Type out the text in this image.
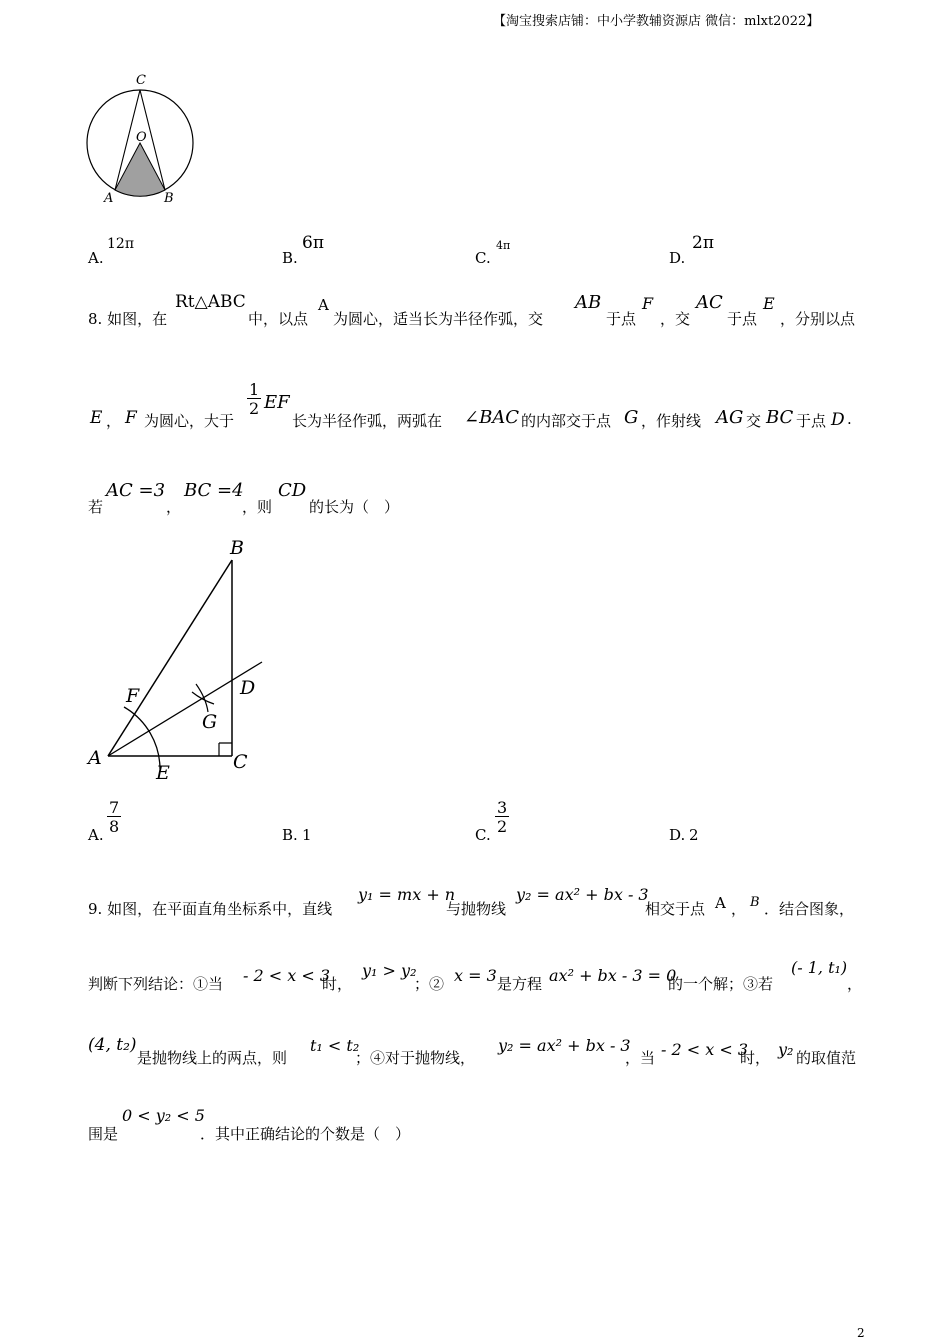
【淘宝搜索店铺：中小学教辅资源店 微信：mlxt2022】
C
O
A	B
A.
12π
B.
6π
C.
4π
D.
2π
8. 如图，在
Rt△ABC
中，以点
A
为圆心，适当长为半径作弧，交
AB
于点
F
，交
AC
于点
E
，分别以点
E ， F 为圆心，大于
$\frac{1}{2}$ EF
长为半径作弧，两弧在 ∠BAC 的内部交于点 G ，作射线 AG 交 BC 于点 D .
若
AC =3
，
BC =4
，则
CD
的长为（　）
B
F	D
G
A	C
E
A. $\frac{7}{8}$	B. 1	C. $\frac{3}{2}$	D. 2
9. 如图，在平面直角坐标系中，直线
y₁ = mx + n
与抛物线
y₂ = ax² + bx - 3
相交于点 A ， B ．结合图象，
判断下列结论：①当 - 2 < x < 3
时，
y₁ > y₂
；② x = 3 是方程 ax² + bx - 3 = 0
的一个解；③若
(- 1, t₁)
，
(4, t₂)
是抛物线上的两点，则
t₁ < t₂
；④对于抛物线，
y₂ = ax² + bx - 3
，当 - 2 < x < 3
时， y₂ 的取值范
围是
0 < y₂ < 5
．其中正确结论的个数是（　）
2
